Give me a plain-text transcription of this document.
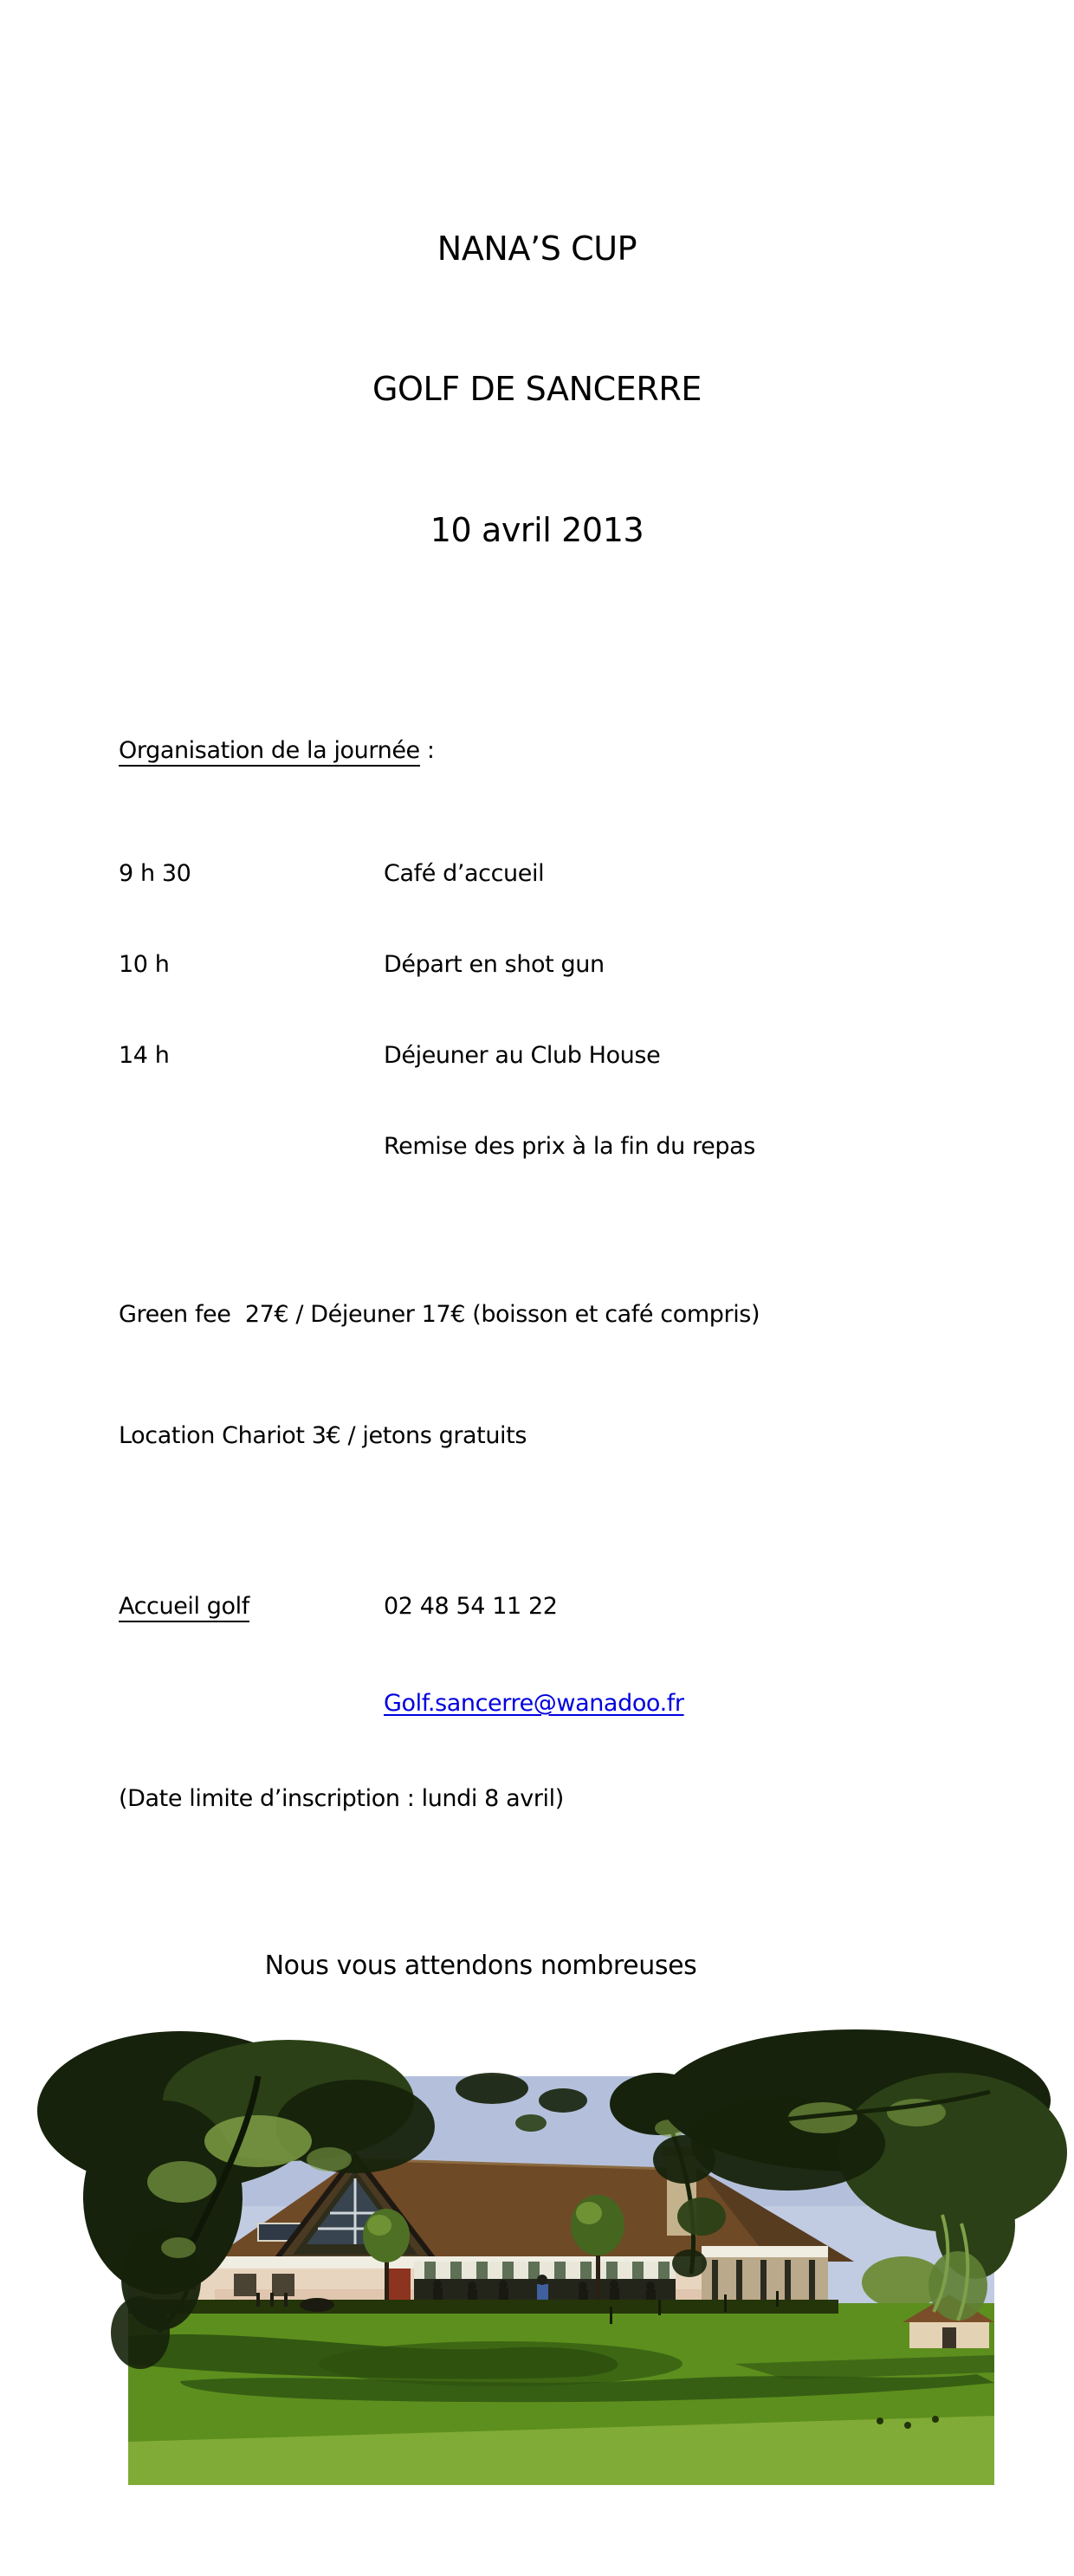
NANA’S CUP

GOLF DE SANCERRE

10 avril 2013

Organisation de la journée :

9 h 30	Café d’accueil

10 h	Départ en shot gun

14 h	Déjeuner au Club House

Remise des prix à la fin du repas

Green fee  27€ / Déjeuner 17€ (boisson et café compris)

Location Chariot 3€ / jetons gratuits

Accueil golf	02 48 54 11 22

Golf.sancerre@wanadoo.fr

(Date limite d’inscription : lundi 8 avril)

Nous vous attendons nombreuses
